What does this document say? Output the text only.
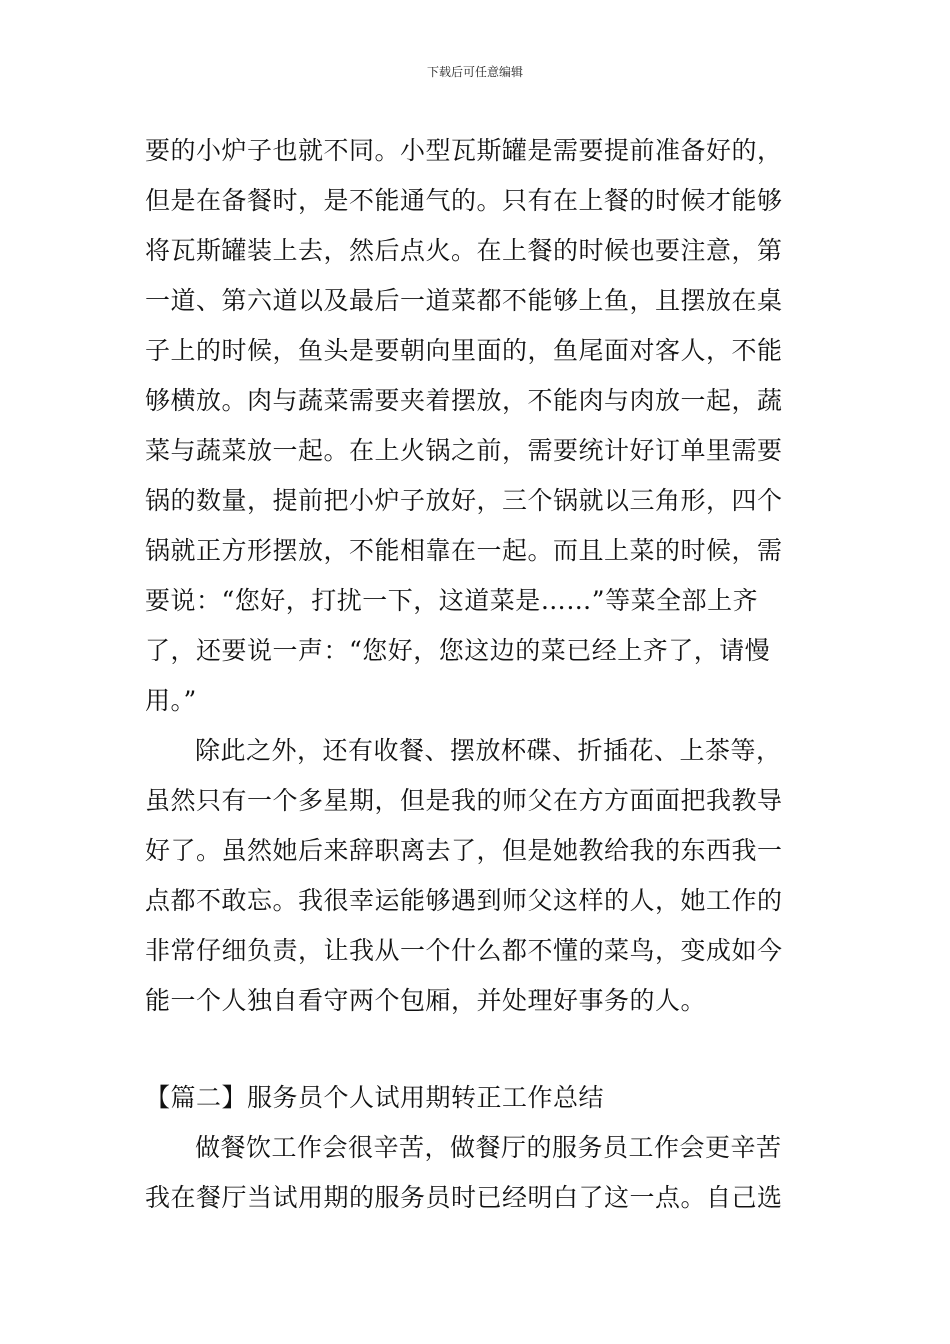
下载后可任意编辑
要的小炉子也就不同。小型瓦斯罐是需要提前准备好的，
但是在备餐时，是不能通气的。只有在上餐的时候才能够
将瓦斯罐装上去，然后点火。在上餐的时候也要注意，第
一道、第六道以及最后一道菜都不能够上鱼，且摆放在桌
子上的时候，鱼头是要朝向里面的，鱼尾面对客人，不能
够横放。肉与蔬菜需要夹着摆放，不能肉与肉放一起，蔬
菜与蔬菜放一起。在上火锅之前，需要统计好订单里需要
锅的数量，提前把小炉子放好，三个锅就以三角形，四个
锅就正方形摆放，不能相靠在一起。而且上菜的时候，需
要说：“您好，打扰一下，这道菜是……”等菜全部上齐
了，还要说一声：“您好，您这边的菜已经上齐了，请慢
用。”
除此之外，还有收餐、摆放杯碟、折插花、上茶等，
虽然只有一个多星期，但是我的师父在方方面面把我教导
好了。虽然她后来辞职离去了，但是她教给我的东西我一
点都不敢忘。我很幸运能够遇到师父这样的人，她工作的
非常仔细负责，让我从一个什么都不懂的菜鸟，变成如今
能一个人独自看守两个包厢，并处理好事务的人。
【篇二】服务员个人试用期转正工作总结
做餐饮工作会很辛苦，做餐厅的服务员工作会更辛苦
我在餐厅当试用期的服务员时已经明白了这一点。自己选
